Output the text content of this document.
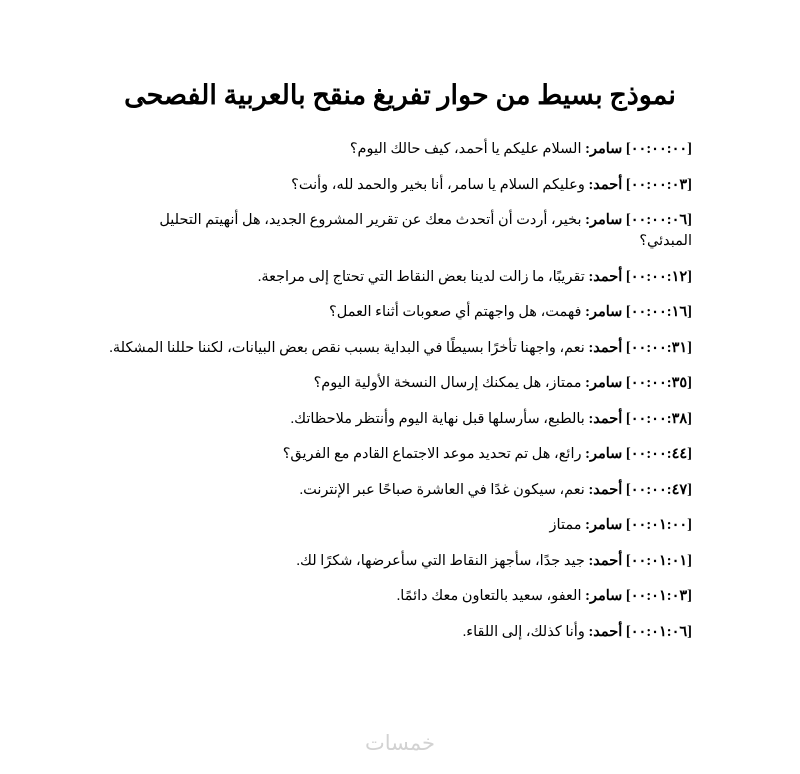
نموذج بسيط من حوار تفريغ منقح بالعربية الفصحى

[٠٠:٠٠:٠٠] سامر: السلام عليكم يا أحمد، كيف حالك اليوم؟

[٠٠:٠٠:٠٣] أحمد: وعليكم السلام يا سامر، أنا بخير والحمد لله، وأنت؟

[٠٠:٠٠:٠٦] سامر: بخير، أردت أن أتحدث معك عن تقرير المشروع الجديد، هل أنهيتم التحليل المبدئي؟

[٠٠:٠٠:١٢] أحمد: تقريبًا، ما زالت لدينا بعض النقاط التي تحتاج إلى مراجعة.

[٠٠:٠٠:١٦] سامر: فهمت، هل واجهتم أي صعوبات أثناء العمل؟

[٠٠:٠٠:٣١] أحمد: نعم، واجهنا تأخرًا بسيطًا في البداية بسبب نقص بعض البيانات، لكننا حللنا المشكلة.

[٠٠:٠٠:٣٥] سامر: ممتاز، هل يمكنك إرسال النسخة الأولية اليوم؟

[٠٠:٠٠:٣٨] أحمد: بالطبع، سأرسلها قبل نهاية اليوم وأنتظر ملاحظاتك.

[٠٠:٠٠:٤٤] سامر: رائع، هل تم تحديد موعد الاجتماع القادم مع الفريق؟

[٠٠:٠٠:٤٧] أحمد: نعم، سيكون غدًا في العاشرة صباحًا عبر الإنترنت.

[٠٠:٠١:٠٠] سامر: ممتاز

[٠٠:٠١:٠١] أحمد: جيد جدًا، سأجهز النقاط التي سأعرضها، شكرًا لك.

[٠٠:٠١:٠٣] سامر: العفو، سعيد بالتعاون معك دائمًا.

[٠٠:٠١:٠٦] أحمد: وأنا كذلك، إلى اللقاء.

خمسات
